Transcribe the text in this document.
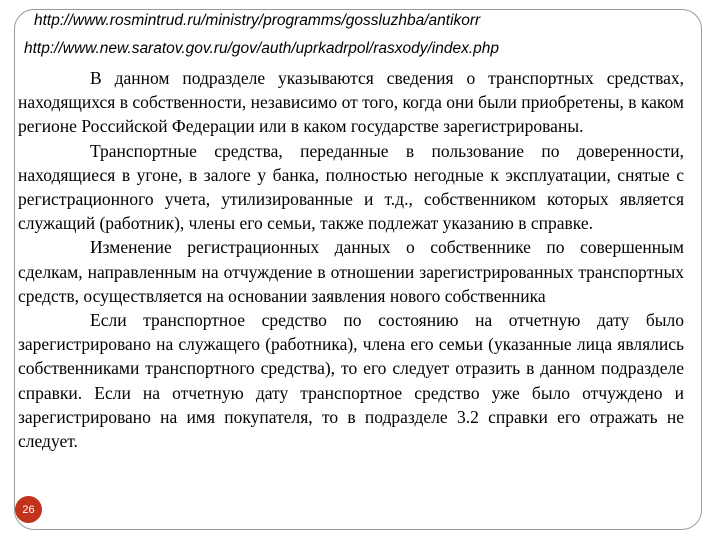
http://www.rosmintrud.ru/ministry/programms/gossluzhba/antikorr
http://www.new.saratov.gov.ru/gov/auth/uprkadrpol/rasxody/index.php

В данном подразделе указываются сведения о транспортных средствах, находящихся в собственности, независимо от того, когда они были приобретены, в каком регионе Российской Федерации или в каком государстве зарегистрированы.

Транспортные средства, переданные в пользование по доверенности, находящиеся в угоне, в залоге у банка, полностью негодные к эксплуатации, снятые с регистрационного учета, утилизированные и т.д., собственником которых является служащий (работник), члены его семьи, также подлежат указанию в справке.

Изменение регистрационных данных о собственнике по совершенным сделкам, направленным на отчуждение в отношении зарегистрированных транспортных средств, осуществляется на основании заявления нового собственника

Если транспортное средство по состоянию на отчетную дату было зарегистрировано на служащего (работника), члена его семьи (указанные лица являлись собственниками транспортного средства), то его следует отразить в данном подразделе справки. Если на отчетную дату транспортное средство уже было отчуждено и зарегистрировано на имя покупателя, то в подразделе 3.2 справки его отражать не следует.

26
